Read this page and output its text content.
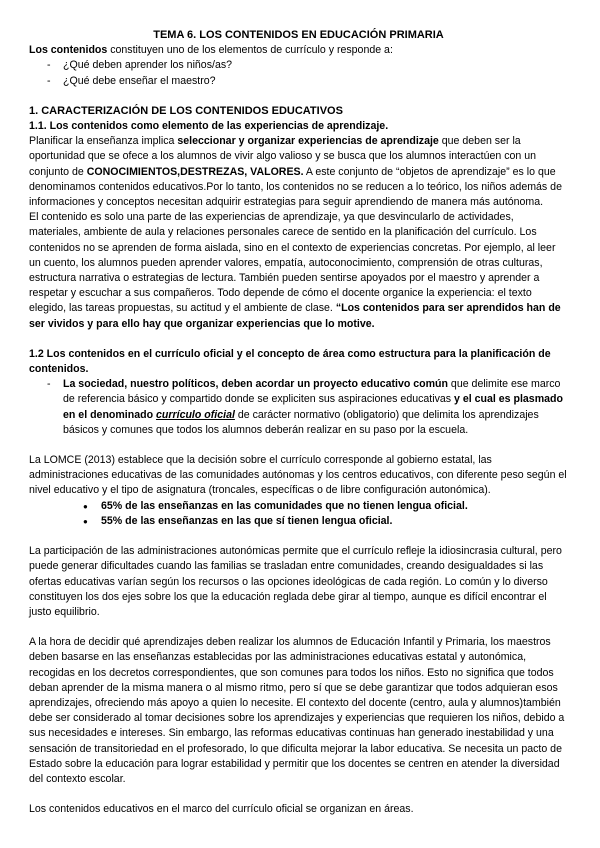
TEMA 6. LOS CONTENIDOS EN EDUCACIÓN PRIMARIA

Los contenidos constituyen uno de los elementos de currículo y responde a:

- ¿Qué deben aprender los niños/as?
- ¿Qué debe enseñar el maestro?

1. CARACTERIZACIÓN DE LOS CONTENIDOS EDUCATIVOS

1.1. Los contenidos como elemento de las experiencias de aprendizaje.

Planificar la enseñanza implica seleccionar y organizar experiencias de aprendizaje que deben ser la oportunidad que se ofece a los alumnos de vivir algo valioso y se busca que los alumnos interactúen con un conjunto de CONOCIMIENTOS,DESTREZAS, VALORES. A este conjunto de “objetos de aprendizaje” es lo que denominamos contenidos educativos.Por lo tanto, los contenidos no se reducen a lo teórico, los niños además de informaciones y conceptos necesitan adquirir estrategias para seguir aprendiendo de manera más autónoma.

El contenido es solo una parte de las experiencias de aprendizaje, ya que desvincularlo de actividades, materiales, ambiente de aula y relaciones personales carece de sentido en la planificación del currículo. Los contenidos no se aprenden de forma aislada, sino en el contexto de experiencias concretas. Por ejemplo, al leer un cuento, los alumnos pueden aprender valores, empatía, autoconocimiento, comprensión de otras culturas, estructura narrativa o estrategias de lectura. También pueden sentirse apoyados por el maestro y aprender a respetar y escuchar a sus compañeros. Todo depende de cómo el docente organice la experiencia: el texto elegido, las tareas propuestas, su actitud y el ambiente de clase. “Los contenidos para ser aprendidos han de ser vividos y para ello hay que organizar experiencias que lo motive.

1.2 Los contenidos en el currículo oficial y el concepto de área como estructura para la planificación de contenidos.

- La sociedad, nuestro políticos, deben acordar un proyecto educativo común que delimite ese marco de referencia básico y compartido donde se expliciten sus aspiraciones educativas y el cual es plasmado en el denominado currículo oficial de carácter normativo (obligatorio) que delimita los aprendizajes básicos y comunes que todos los alumnos deberán realizar en su paso por la escuela.

La LOMCE (2013) establece que la decisión sobre el currículo corresponde al gobierno estatal, las administraciones educativas de las comunidades autónomas y los centros educativos, con diferente peso según el nivel educativo y el tipo de asignatura (troncales, específicas o de libre configuración autonómica).

● 65% de las enseñanzas en las comunidades que no tienen lengua oficial.
● 55% de las enseñanzas en las que sí tienen lengua oficial.

La participación de las administraciones autonómicas permite que el currículo refleje la idiosincrasia cultural, pero puede generar dificultades cuando las familias se trasladan entre comunidades, creando desigualdades si las ofertas educativas varían según los recursos o las opciones ideológicas de cada región. Lo común y lo diverso constituyen los dos ejes sobre los que la educación reglada debe girar al tiempo, aunque es difícil encontrar el justo equilibrio.

A la hora de decidir qué aprendizajes deben realizar los alumnos de Educación Infantil y Primaria, los maestros deben basarse en las enseñanzas establecidas por las administraciones educativas estatal y autonómica, recogidas en los decretos correspondientes, que son comunes para todos los niños. Esto no significa que todos deban aprender de la misma manera o al mismo ritmo, pero sí que se debe garantizar que todos adquieran esos aprendizajes, ofreciendo más apoyo a quien lo necesite. El contexto del docente (centro, aula y alumnos)también debe ser considerado al tomar decisiones sobre los aprendizajes y experiencias que requieren los niños, debido a sus necesidades e intereses. Sin embargo, las reformas educativas continuas han generado inestabilidad y una sensación de transitoriedad en el profesorado, lo que dificulta mejorar la labor educativa. Se necesita un pacto de Estado sobre la educación para lograr estabilidad y permitir que los docentes se centren en atender la diversidad del contexto escolar.

Los contenidos educativos en el marco del currículo oficial se organizan en áreas.
